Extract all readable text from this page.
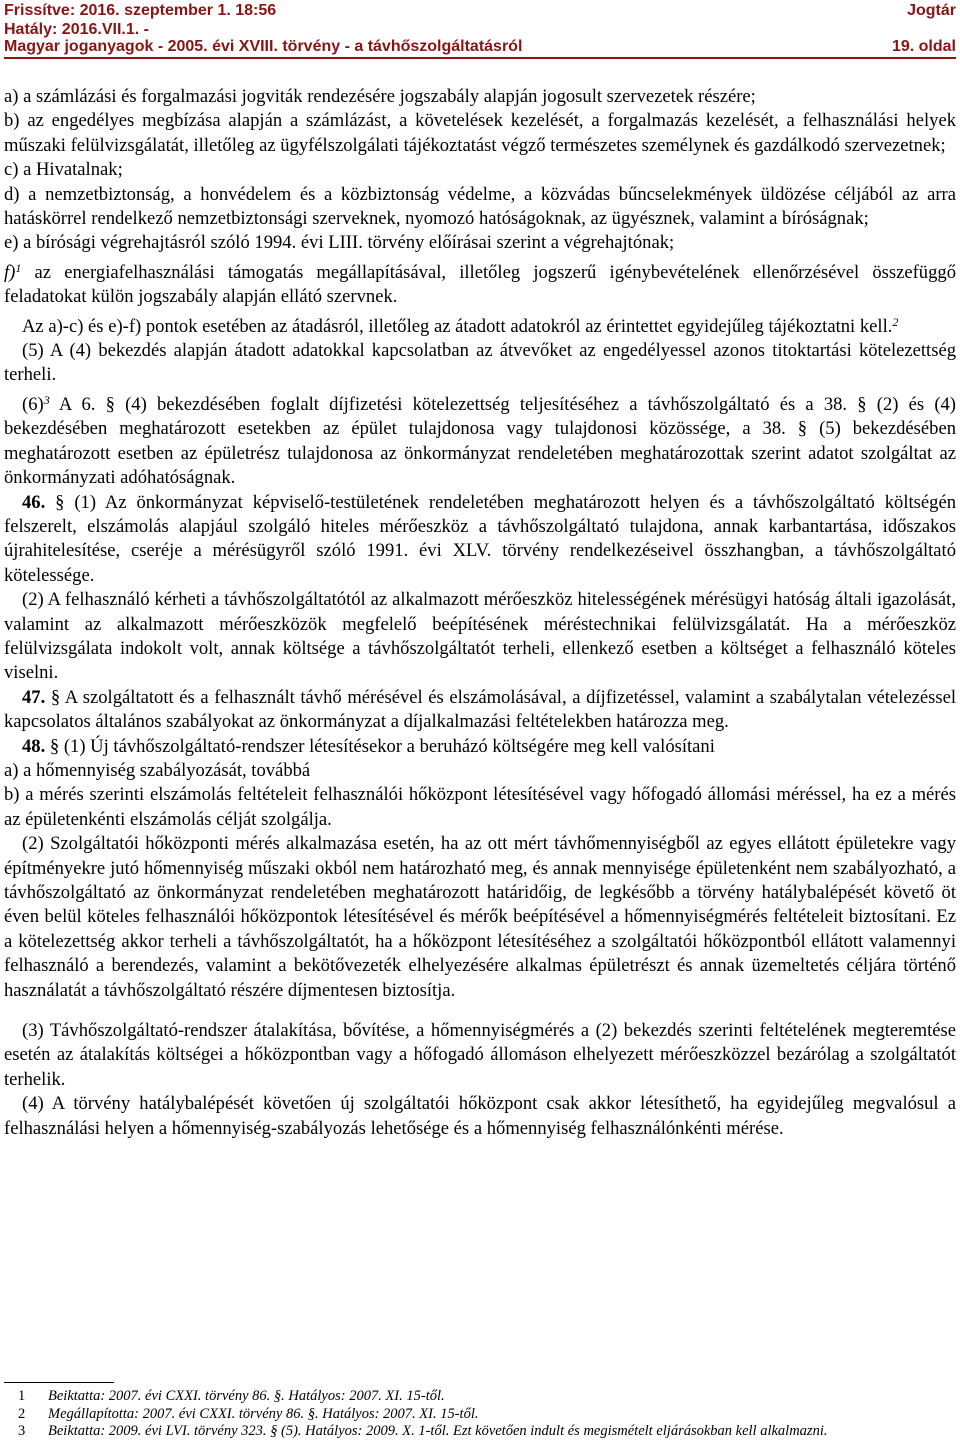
Frissítve: 2016. szeptember 1. 18:56	Jogtár
Hatály: 2016.VII.1. -
Magyar joganyagok - 2005. évi XVIII. törvény - a távhőszolgáltatásról	19. oldal

a) a számlázási és forgalmazási jogviták rendezésére jogszabály alapján jogosult szervezetek részére;

b) az engedélyes megbízása alapján a számlázást, a követelések kezelését, a forgalmazás kezelését, a felhasználási helyek műszaki felülvizsgálatát, illetőleg az ügyfélszolgálati tájékoztatást végző természetes személynek és gazdálkodó szervezetnek;

c) a Hivatalnak;

d) a nemzetbiztonság, a honvédelem és a közbiztonság védelme, a közvádas bűncselekmények üldözése céljából az arra hatáskörrel rendelkező nemzetbiztonsági szerveknek, nyomozó hatóságoknak, az ügyésznek, valamint a bíróságnak;

e) a bírósági végrehajtásról szóló 1994. évi LIII. törvény előírásai szerint a végrehajtónak;

f)$^1$ az energiafelhasználási támogatás megállapításával, illetőleg jogszerű igénybevételének ellenőrzésével összefüggő feladatokat külön jogszabály alapján ellátó szervnek.

Az a)-c) és e)-f) pontok esetében az átadásról, illetőleg az átadott adatokról az érintettet egyidejűleg tájékoztatni kell.$^2$

(5) A (4) bekezdés alapján átadott adatokkal kapcsolatban az átvevőket az engedélyessel azonos titoktartási kötelezettség terheli.

(6)$^3$ A 6. § (4) bekezdésében foglalt díjfizetési kötelezettség teljesítéséhez a távhőszolgáltató és a 38. § (2) és (4) bekezdésében meghatározott esetekben az épület tulajdonosa vagy tulajdonosi közössége, a 38. § (5) bekezdésében meghatározott esetben az épületrész tulajdonosa az önkormányzat rendeletében meghatározottak szerint adatot szolgáltat az önkormányzati adóhatóságnak.

46. § (1) Az önkormányzat képviselő-testületének rendeletében meghatározott helyen és a távhőszolgáltató költségén felszerelt, elszámolás alapjául szolgáló hiteles mérőeszköz a távhőszolgáltató tulajdona, annak karbantartása, időszakos újrahitelesítése, cseréje a mérésügyről szóló 1991. évi XLV. törvény rendelkezéseivel összhangban, a távhőszolgáltató kötelessége.

(2) A felhasználó kérheti a távhőszolgáltatótól az alkalmazott mérőeszköz hitelességének mérésügyi hatóság általi igazolását, valamint az alkalmazott mérőeszközök megfelelő beépítésének méréstechnikai felülvizsgálatát. Ha a mérőeszköz felülvizsgálata indokolt volt, annak költsége a távhőszolgáltatót terheli, ellenkező esetben a költséget a felhasználó köteles viselni.

47. § A szolgáltatott és a felhasznált távhő mérésével és elszámolásával, a díjfizetéssel, valamint a szabálytalan vételezéssel kapcsolatos általános szabályokat az önkormányzat a díjalkalmazási feltételekben határozza meg.

48. § (1) Új távhőszolgáltató-rendszer létesítésekor a beruházó költségére meg kell valósítani

a) a hőmennyiség szabályozását, továbbá

b) a mérés szerinti elszámolás feltételeit felhasználói hőközpont létesítésével vagy hőfogadó állomási méréssel, ha ez a mérés az épületenkénti elszámolás célját szolgálja.

(2) Szolgáltatói hőközponti mérés alkalmazása esetén, ha az ott mért távhőmennyiségből az egyes ellátott épületekre vagy építményekre jutó hőmennyiség műszaki okból nem határozható meg, és annak mennyisége épületenként nem szabályozható, a távhőszolgáltató az önkormányzat rendeletében meghatározott határidőig, de legkésőbb a törvény hatálybalépését követő öt éven belül köteles felhasználói hőközpontok létesítésével és mérők beépítésével a hőmennyiségmérés feltételeit biztosítani. Ez a kötelezettség akkor terheli a távhőszolgáltatót, ha a hőközpont létesítéséhez a szolgáltatói hőközpontból ellátott valamennyi felhasználó a berendezés, valamint a bekötővezeték elhelyezésére alkalmas épületrészt és annak üzemeltetés céljára történő használatát a távhőszolgáltató részére díjmentesen biztosítja.

(3) Távhőszolgáltató-rendszer átalakítása, bővítése, a hőmennyiségmérés a (2) bekezdés szerinti feltételének megteremtése esetén az átalakítás költségei a hőközpontban vagy a hőfogadó állomáson elhelyezett mérőeszközzel bezárólag a szolgáltatót terhelik.

(4) A törvény hatálybalépését követően új szolgáltatói hőközpont csak akkor létesíthető, ha egyidejűleg megvalósul a felhasználási helyen a hőmennyiség-szabályozás lehetősége és a hőmennyiség felhasználónkénti mérése.

1	Beiktatta: 2007. évi CXXI. törvény 86. §. Hatályos: 2007. XI. 15-től.
2	Megállapította: 2007. évi CXXI. törvény 86. §. Hatályos: 2007. XI. 15-től.
3	Beiktatta: 2009. évi LVI. törvény 323. § (5). Hatályos: 2009. X. 1-től. Ezt követően indult és megismételt eljárásokban kell alkalmazni.
